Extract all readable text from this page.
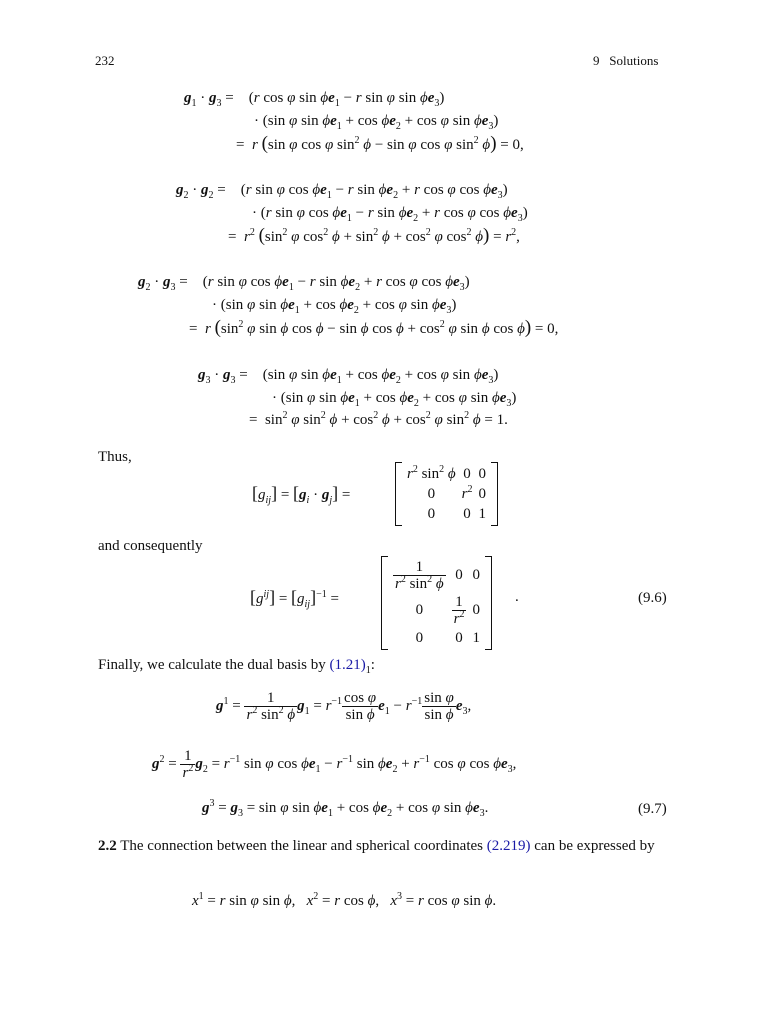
232	9   Solutions
$g_1 \cdot g_3$ =    (r cos φ $\sin \phi e_1 - r$ sin φ $\sin \phi e_3$)
· (sin φ $\sin \phi e_1 + \cos \phi e_2 + \cos \varphi$ $\sin \phi e_3$)
=  r (sin φ cos φ $\sin^2 \phi - \sin \varphi$ cos φ $\sin^2 \phi) = 0$,
$g_2 \cdot g_2$ =    (r sin φ $\cos \phi e_1 - r$ $\sin \phi e_2 + r$ cos φ $\cos \phi e_3$)
· (r sin φ $\cos \phi e_1 - r$ $\sin \phi e_2 + r$ cos φ $\cos \phi e_3$)
=  $r^2$ ($\sin^2$ φ $\cos^2 \phi + \sin^2 \phi + \cos^2 \varphi$ $\cos^2 \phi) = r^2$,
$g_2 \cdot g_3$ =    (r sin φ $\cos \phi e_1 - r$ $\sin \phi e_2 + r$ cos φ $\cos \phi e_3$)
· (sin φ $\sin \phi e_1 + \cos \phi e_2 + \cos \varphi$ $\sin \phi e_3$)
=  r ($\sin^2$ φ sin ϕ cos ϕ − sin ϕ $\cos \phi + \cos^2 \varphi$ sin ϕ cos ϕ) = 0,
$g_3 \cdot g_3$ =    (sin φ $\sin \phi e_1 + \cos \phi e_2 + \cos \varphi$ $\sin \phi e_3$)
· (sin φ $\sin \phi e_1 + \cos \phi e_2 + \cos \varphi$ $\sin \phi e_3$)
=  $\sin^2 \varphi$ $\sin^2 \phi + \cos^2 \phi + \cos^2 \varphi$ $\sin^2 \phi = 1$.
Thus,
$[g_{ij}] = [g_i \cdot g_j]$ =
$r^2$ $\sin^2 \phi$	0	0
0	$r^2$	0
0	0	1
and consequently
$[g^{ij}] = [g_{ij}]^{-1}$ =
$\frac{1}{r^2 \sin^2 \phi}$	0	0
0	$\frac{1}{r^2}$	0
0	0	1
.	(9.6)
Finally, we calculate the dual basis by $(1.21)_1$:
$g^1 = \frac{1}{r^2 \sin^2 \phi} g_1 = r^{-1} \frac{\text{cos φ}}{\text{sin ϕ}} e_1 - r^{-1} \frac{\text{sin φ}}{\text{sin ϕ}} e_3$,
$g^2 = \frac{1}{r^2} g_2 = r^{-1}$ sin φ $\cos \phi e_1 - r^{-1}$ $\sin \phi e_2 + r^{-1}$ cos φ $\cos \phi e_3$,
$g^3 = g_3 = \sin \varphi$ $\sin \phi e_1 + \cos \phi e_2 + \cos \varphi$ $\sin \phi e_3$.	(9.7)
2.2 The connection between the linear and spherical coordinates (2.219) can be expressed by
$x^1 = r$ sin φ sin ϕ,   $x^2 = r$ cos ϕ,   $x^3 = r$ cos φ sin ϕ.
